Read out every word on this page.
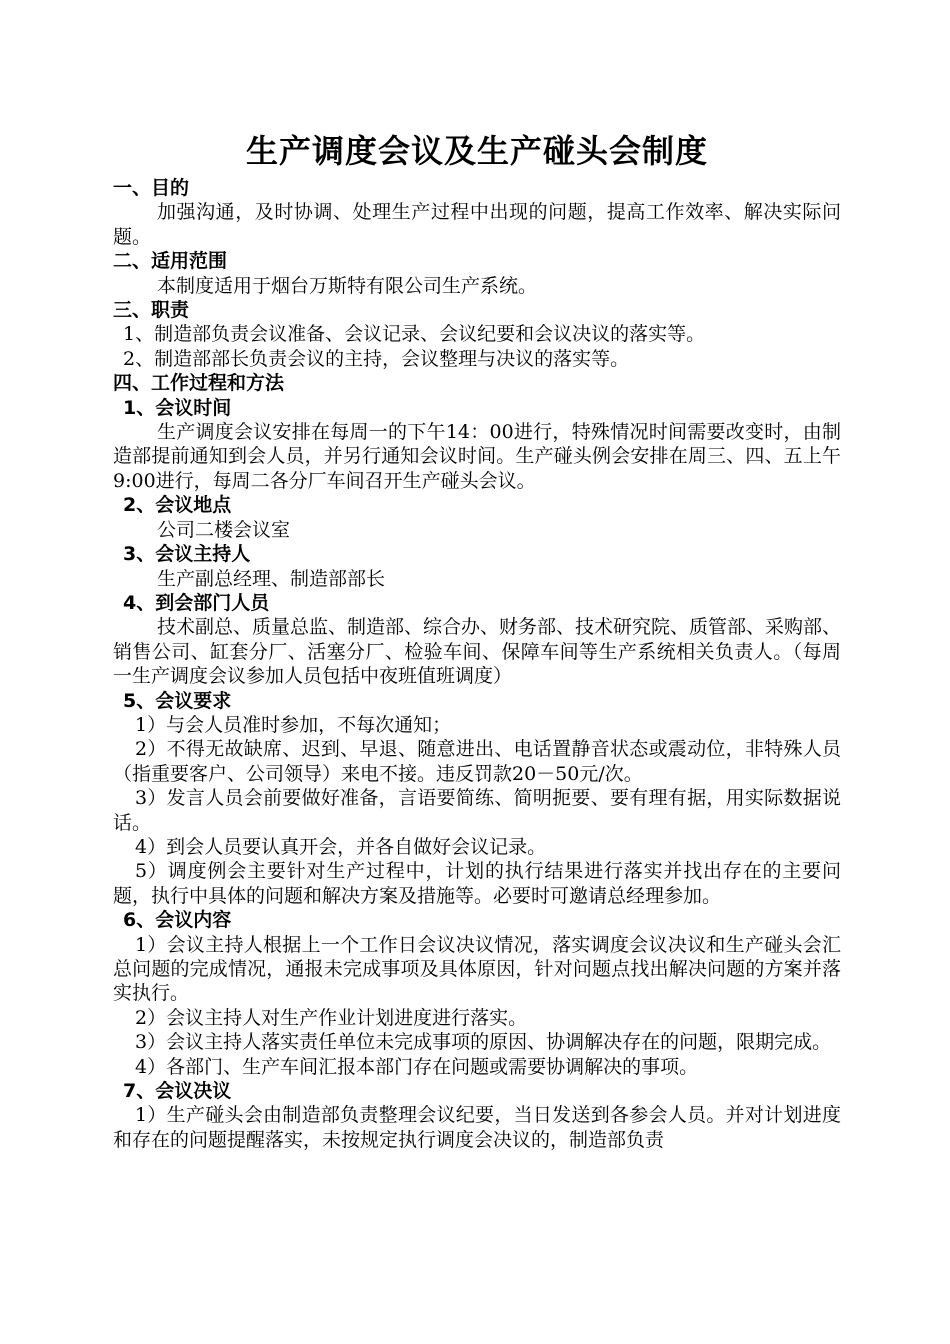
生产调度会议及生产碰头会制度
一、目的
加强沟通，及时协调、处理生产过程中出现的问题，提高工作效率、解决实际问题。
二、适用范围
本制度适用于烟台万斯特有限公司生产系统。
三、职责
1、制造部负责会议准备、会议记录、会议纪要和会议决议的落实等。
2、制造部部长负责会议的主持，会议整理与决议的落实等。
四、工作过程和方法
1、会议时间
生产调度会议安排在每周一的下午14：00进行，特殊情况时间需要改变时，由制造部提前通知到会人员，并另行通知会议时间。生产碰头例会安排在周三、四、五上午9:00进行，每周二各分厂车间召开生产碰头会议。
2、会议地点
公司二楼会议室
3、会议主持人
生产副总经理、制造部部长
4、到会部门人员
技术副总、质量总监、制造部、综合办、财务部、技术研究院、质管部、采购部、销售公司、缸套分厂、活塞分厂、检验车间、保障车间等生产系统相关负责人。（每周一生产调度会议参加人员包括中夜班值班调度）
5、会议要求
1）与会人员准时参加，不每次通知；
2）不得无故缺席、迟到、早退、随意进出、电话置静音状态或震动位，非特殊人员（指重要客户、公司领导）来电不接。违反罚款20－50元/次。
3）发言人员会前要做好准备，言语要简练、简明扼要、要有理有据，用实际数据说话。
4）到会人员要认真开会，并各自做好会议记录。
5）调度例会主要针对生产过程中，计划的执行结果进行落实并找出存在的主要问题，执行中具体的问题和解决方案及措施等。必要时可邀请总经理参加。
6、会议内容
1）会议主持人根据上一个工作日会议决议情况，落实调度会议决议和生产碰头会汇总问题的完成情况，通报未完成事项及具体原因，针对问题点找出解决问题的方案并落实执行。
2）会议主持人对生产作业计划进度进行落实。
3）会议主持人落实责任单位未完成事项的原因、协调解决存在的问题，限期完成。
4）各部门、生产车间汇报本部门存在问题或需要协调解决的事项。
7、会议决议
1）生产碰头会由制造部负责整理会议纪要，当日发送到各参会人员。并对计划进度和存在的问题提醒落实，未按规定执行调度会决议的，制造部负责
